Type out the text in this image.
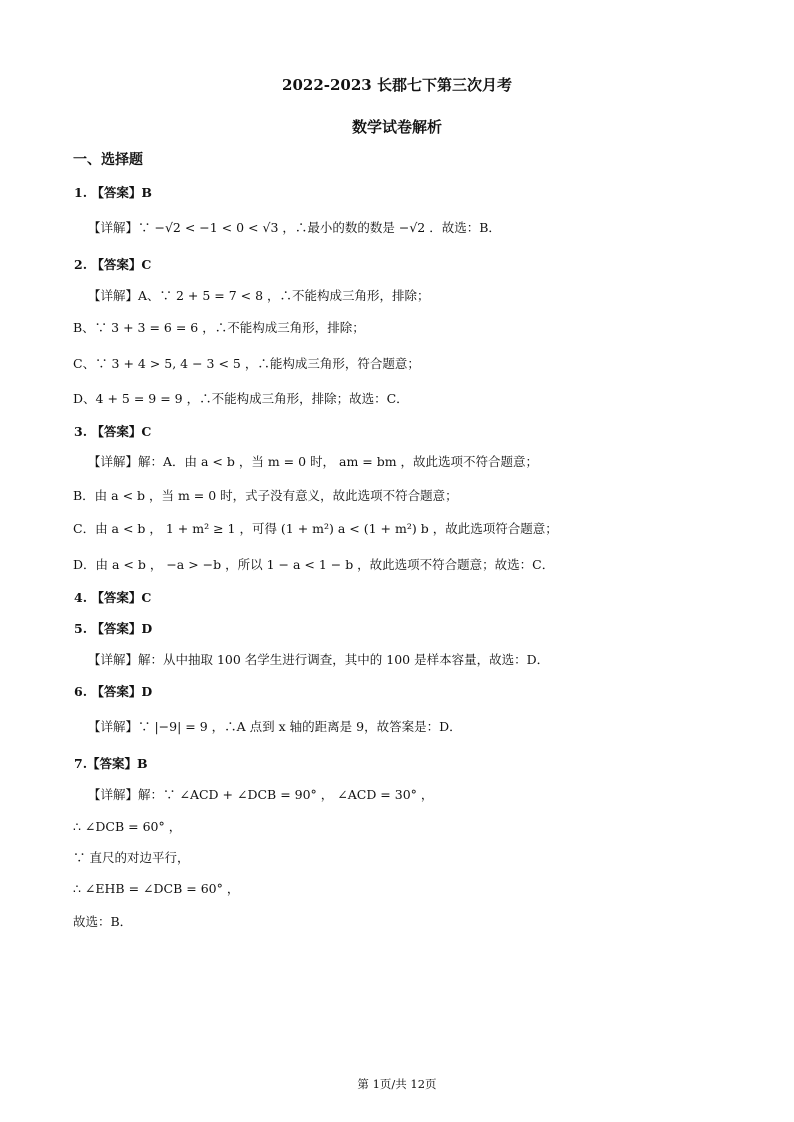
2022-2023 长郡七下第三次月考
数学试卷解析
一、选择题
1. 【答案】B
【详解】∵ −√2 < −1 < 0 < √3 ，∴最小的数的数是 −√2 ．故选：B．
2. 【答案】C
【详解】A、∵ 2 + 5 = 7 < 8 ，∴不能构成三角形，排除；
B、∵ 3 + 3 = 6 = 6 ，∴不能构成三角形，排除；
C、∵ 3 + 4 > 5, 4 − 3 < 5 ，∴能构成三角形，符合题意；
D、4 + 5 = 9 = 9 ，∴不能构成三角形，排除；故选：C．
3. 【答案】C
【详解】解：A．由 a < b ，当 m = 0 时， am = bm ，故此选项不符合题意；
B．由 a < b ，当 m = 0 时，式子没有意义，故此选项不符合题意；
C．由 a < b ， 1 + m² ≥ 1 ，可得 (1 + m²) a < (1 + m²) b ，故此选项符合题意；
D．由 a < b ， −a > −b ，所以 1 − a < 1 − b ，故此选项不符合题意；故选：C．
4. 【答案】C
5. 【答案】D
【详解】解：从中抽取 100 名学生进行调查，其中的 100 是样本容量，故选：D．
6. 【答案】D
【详解】∵ |−9| = 9 ，∴A 点到 x 轴的距离是 9，故答案是：D．
7.【答案】B
【详解】解：∵ ∠ACD + ∠DCB = 90° ， ∠ACD = 30° ，
∴ ∠DCB = 60° ，
∵ 直尺的对边平行，
∴ ∠EHB = ∠DCB = 60° ，
故选：B．
第 1页/共 12页
